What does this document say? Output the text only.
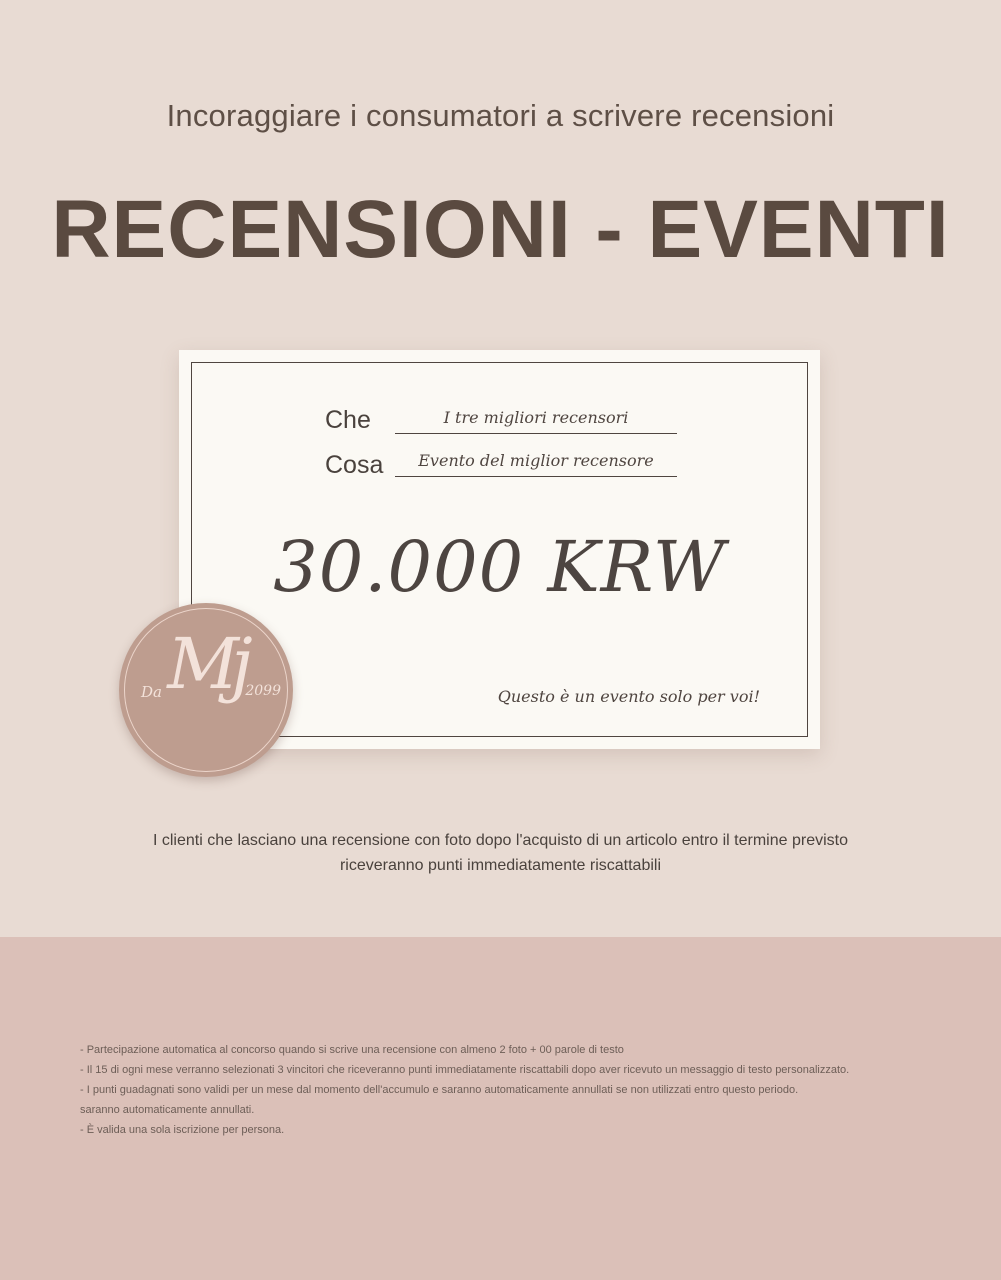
Incoraggiare i consumatori a scrivere recensioni
RECENSIONI - EVENTI
Che	I tre migliori recensori
Cosa	Evento del miglior recensore
30.000 KRW
Questo è un evento solo per voi!
Mj
Da	2099
I clienti che lasciano una recensione con foto dopo l'acquisto di un articolo entro il termine previsto
riceveranno punti immediatamente riscattabili
- Partecipazione automatica al concorso quando si scrive una recensione con almeno 2 foto + 00 parole di testo
- Il 15 di ogni mese verranno selezionati 3 vincitori che riceveranno punti immediatamente riscattabili dopo aver ricevuto un messaggio di testo personalizzato.
- I punti guadagnati sono validi per un mese dal momento dell'accumulo e saranno automaticamente annullati se non utilizzati entro questo periodo.
saranno automaticamente annullati.
- È valida una sola iscrizione per persona.
